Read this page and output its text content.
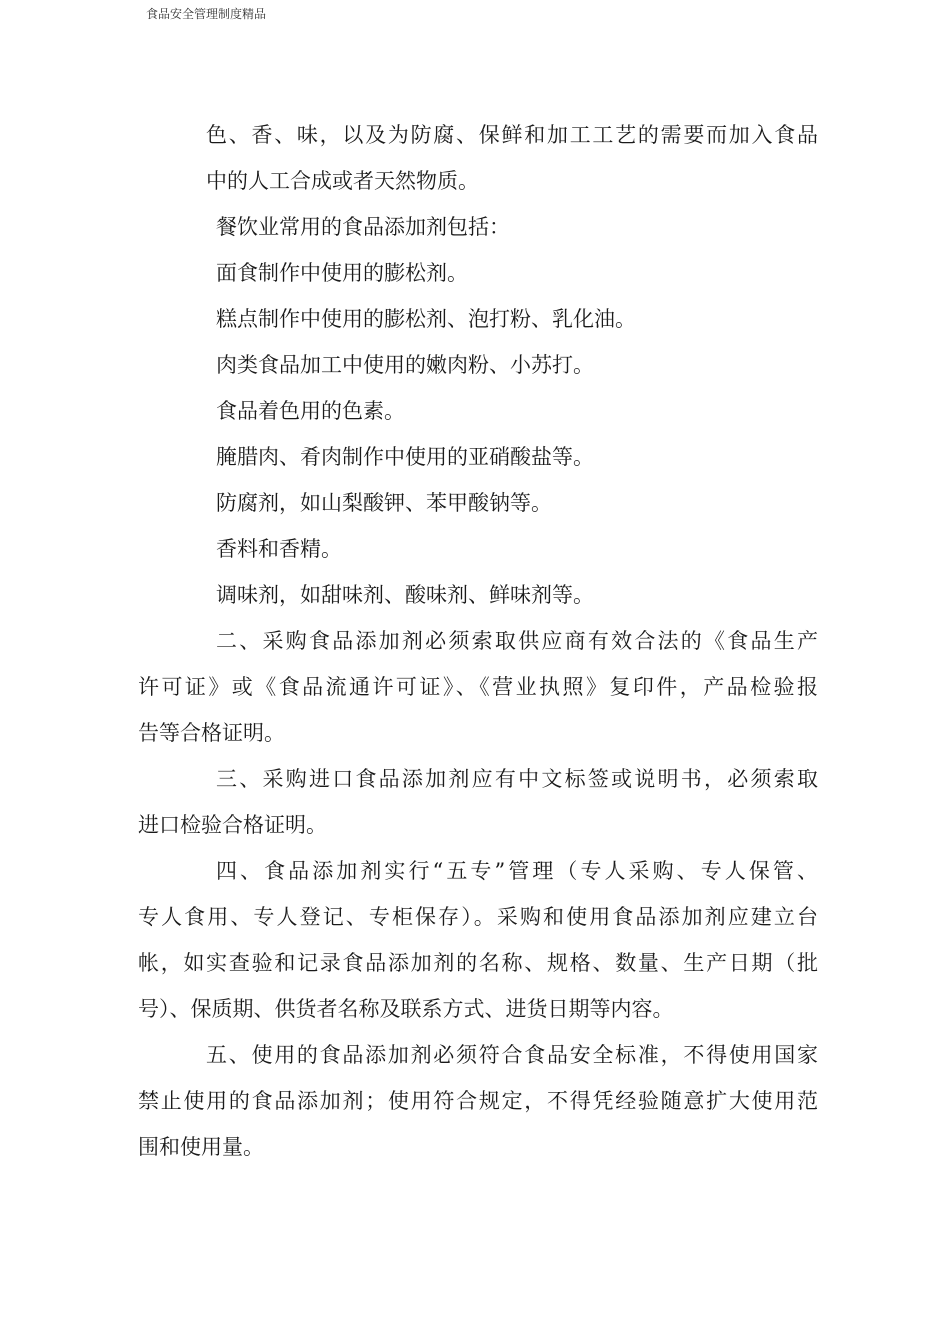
食品安全管理制度精品
色、香、味，以及为防腐、保鲜和加工工艺的需要而加入食品
中的人工合成或者天然物质。
餐饮业常用的食品添加剂包括：
面食制作中使用的膨松剂。
糕点制作中使用的膨松剂、泡打粉、乳化油。
肉类食品加工中使用的嫩肉粉、小苏打。
食品着色用的色素。
腌腊肉、肴肉制作中使用的亚硝酸盐等。
防腐剂，如山梨酸钾、苯甲酸钠等。
香料和香精。
调味剂，如甜味剂、酸味剂、鲜味剂等。
二、采购食品添加剂必须索取供应商有效合法的《食品生产
许可证》或《食品流通许可证》、《营业执照》复印件，产品检验报
告等合格证明。
三、采购进口食品添加剂应有中文标签或说明书，必须索取
进口检验合格证明。
四、食品添加剂实行“五专”管理（专人采购、专人保管、
专人食用、专人登记、专柜保存）。采购和使用食品添加剂应建立台
帐，如实查验和记录食品添加剂的名称、规格、数量、生产日期（批
号）、保质期、供货者名称及联系方式、进货日期等内容。
五、使用的食品添加剂必须符合食品安全标准，不得使用国家
禁止使用的食品添加剂；使用符合规定，不得凭经验随意扩大使用范
围和使用量。
